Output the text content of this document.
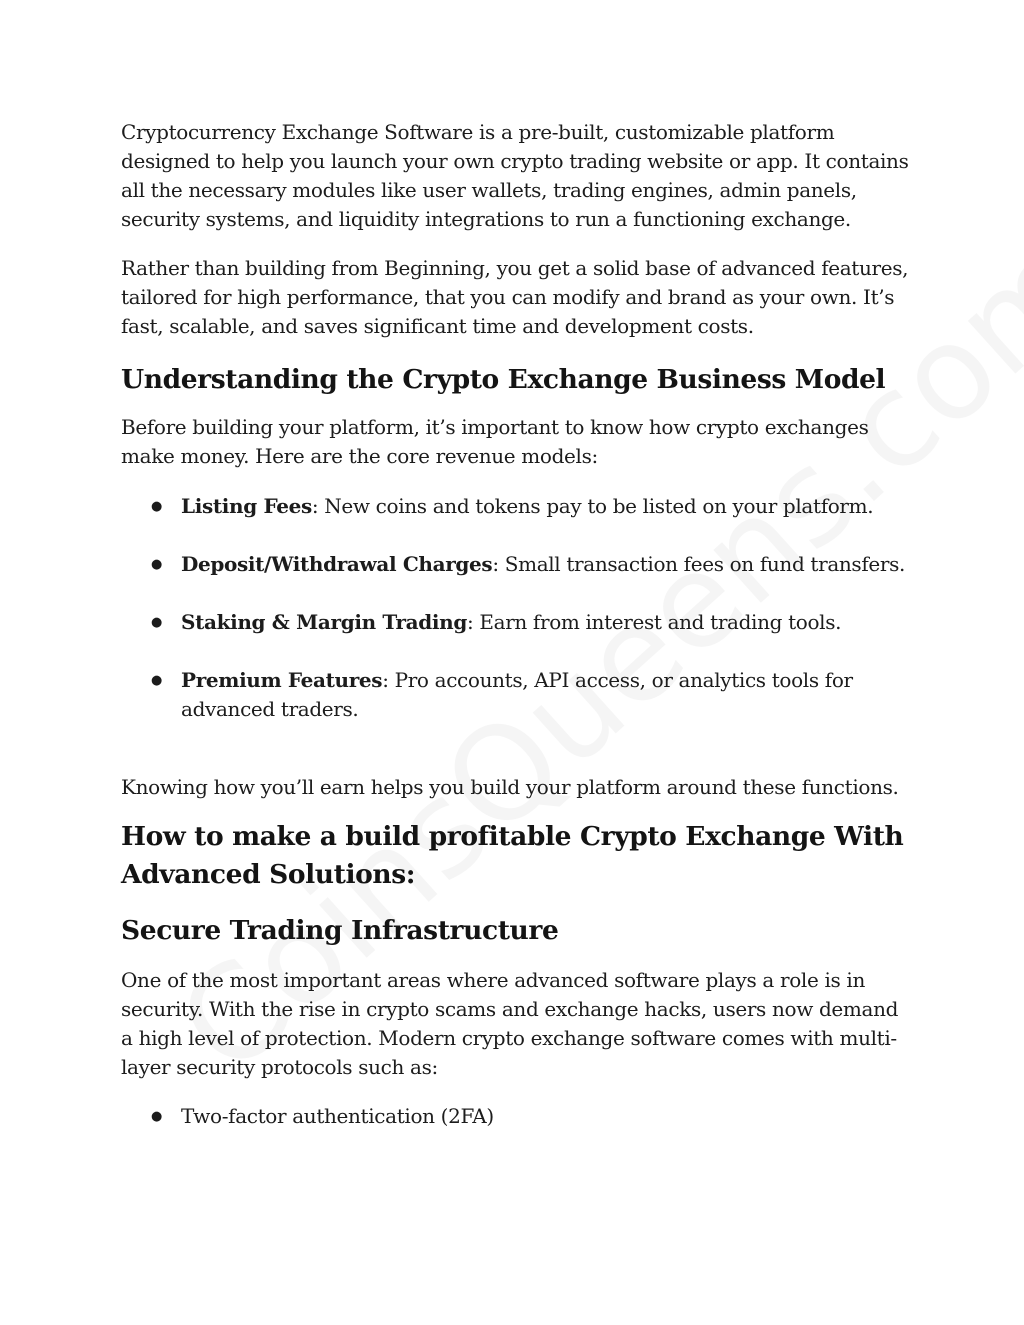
Cryptocurrency Exchange Software is a pre-built, customizable platform designed to help you launch your own crypto trading website or app. It contains all the necessary modules like user wallets, trading engines, admin panels, security systems, and liquidity integrations to run a functioning exchange.

Rather than building from Beginning, you get a solid base of advanced features, tailored for high performance, that you can modify and brand as your own. It’s fast, scalable, and saves significant time and development costs.

Understanding the Crypto Exchange Business Model

Before building your platform, it’s important to know how crypto exchanges make money. Here are the core revenue models:

● Listing Fees: New coins and tokens pay to be listed on your platform.
● Deposit/Withdrawal Charges: Small transaction fees on fund transfers.
● Staking & Margin Trading: Earn from interest and trading tools.
● Premium Features: Pro accounts, API access, or analytics tools for advanced traders.

Knowing how you’ll earn helps you build your platform around these functions.

How to make a build profitable Crypto Exchange With Advanced Solutions:
Secure Trading Infrastructure

One of the most important areas where advanced software plays a role is in security. With the rise in crypto scams and exchange hacks, users now demand a high level of protection. Modern crypto exchange software comes with multi-layer security protocols such as:

● Two-factor authentication (2FA)
